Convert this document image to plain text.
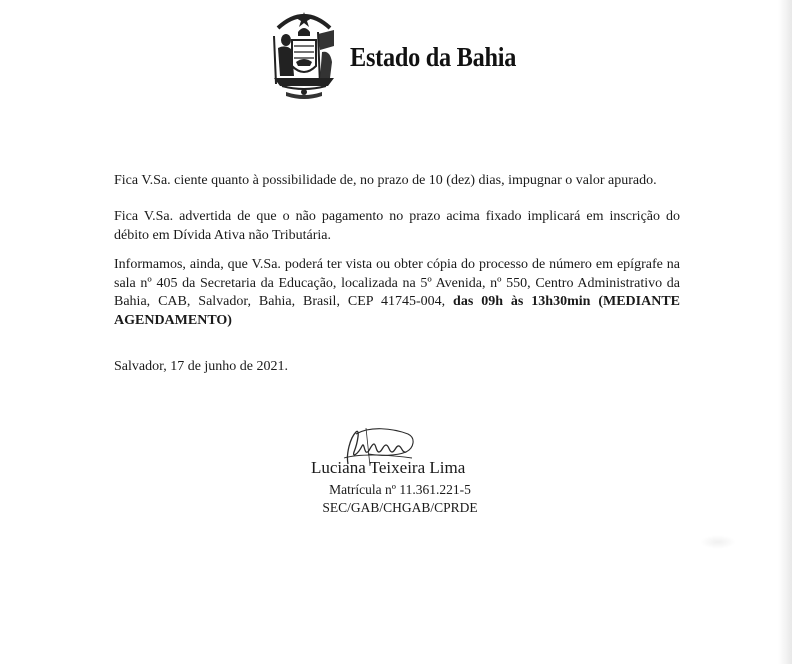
Estado da Bahia
Fica V.Sa. ciente quanto à possibilidade de, no prazo de 10 (dez) dias, impugnar o valor apurado.
Fica V.Sa. advertida de que o não pagamento no prazo acima fixado implicará em inscrição do débito em Dívida Ativa não Tributária.
Informamos, ainda, que V.Sa. poderá ter vista ou obter cópia do processo de número em epígrafe na sala nº 405 da Secretaria da Educação, localizada na 5º Avenida, nº 550, Centro Administrativo da Bahia, CAB, Salvador, Bahia, Brasil, CEP 41745-004, das 09h às 13h30min (MEDIANTE AGENDAMENTO)
Salvador, 17 de junho de 2021.
Luciana Teixeira Lima
Matrícula nº 11.361.221-5
SEC/GAB/CHGAB/CPRDE
